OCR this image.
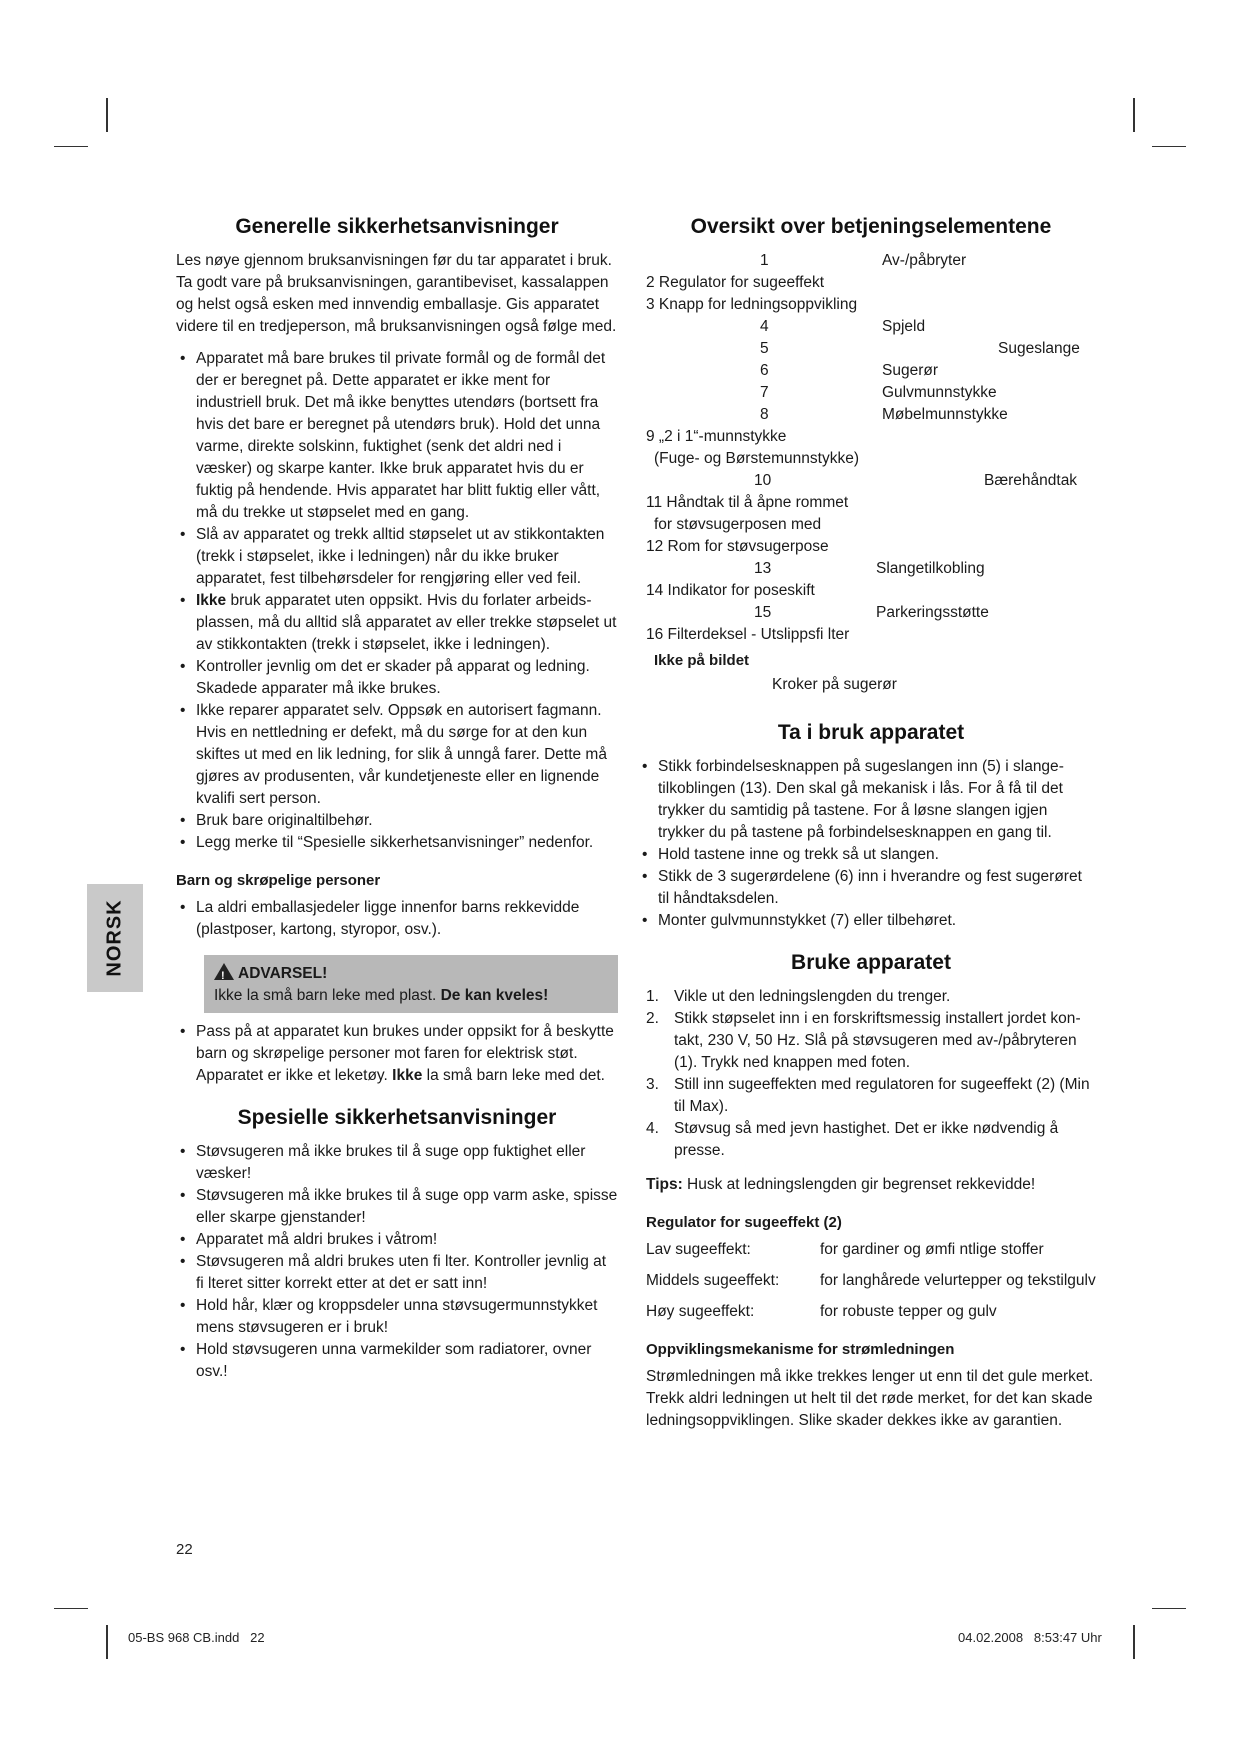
NORSK
Generelle sikkerhetsanvisninger

Les nøye gjennom bruksanvisningen før du tar apparatet i bruk. Ta godt vare på bruksanvisningen, garantibeviset, kassalappen og helst også esken med innvendig emballasje. Gis apparatet videre til en tredjeperson, må bruksanvisningen også følge med.

• Apparatet må bare brukes til private formål og de formål det der er beregnet på. Dette apparatet er ikke ment for industriell bruk. Det må ikke benyttes utendørs (bortsett fra hvis det bare er beregnet på utendørs bruk). Hold det unna varme, direkte solskinn, fuktighet (senk det aldri ned i væsker) og skarpe kanter. Ikke bruk apparatet hvis du er fuktig på hendende. Hvis apparatet har blitt fuktig eller vått, må du trekke ut støpselet med en gang.
• Slå av apparatet og trekk alltid støpselet ut av stikkontakten (trekk i støpselet, ikke i ledningen) når du ikke bruker apparatet, fest tilbehørsdeler for rengjøring eller ved feil.
• Ikke bruk apparatet uten oppsikt. Hvis du forlater arbeidsplassen, må du alltid slå apparatet av eller trekke støpselet ut av stikkontakten (trekk i støpselet, ikke i ledningen).
• Kontroller jevnlig om det er skader på apparat og ledning. Skadede apparater må ikke brukes.
• Ikke reparer apparatet selv. Oppsøk en autorisert fagmann. Hvis en nettledning er defekt, må du sørge for at den kun skiftes ut med en lik ledning, for slik å unngå farer. Dette må gjøres av produsenten, vår kundetjeneste eller en lignende kvalifi sert person.
• Bruk bare originaltilbehør.
• Legg merke til “Spesielle sikkerhetsanvisninger” nedenfor.
Barn og skrøpelige personer
• La aldri emballasjedeler ligge innenfor barns rekkevidde (plastposer, kartong, styropor, osv.).
!ADVARSEL!

Ikke la små barn leke med plast. De kan kveles!

• Pass på at apparatet kun brukes under oppsikt for å beskytte barn og skrøpelige personer mot faren for elektrisk støt. Apparatet er ikke et leketøy. Ikke la små barn leke med det.
Spesielle sikkerhetsanvisninger
• Støvsugeren må ikke brukes til å suge opp fuktighet eller væsker!
• Støvsugeren må ikke brukes til å suge opp varm aske, spisse eller skarpe gjenstander!
• Apparatet må aldri brukes i våtrom!
• Støvsugeren må aldri brukes uten fi lter. Kontroller jevnlig at fi lteret sitter korrekt etter at det er satt inn!
• Hold hår, klær og kroppsdeler unna støvsugermunnstykket mens støvsugeren er i bruk!
• Hold støvsugeren unna varmekilder som radiatorer, ovner osv.!
Oversikt over betjeningselementene
1	Av-/påbryter
2 Regulator for sugeeffekt
3 Knapp for ledningsoppvikling
4	Spjeld
5	Sugeslange
6	Sugerør
7	Gulvmunnstykke
8	Møbelmunnstykke
9 „2 i 1“-munnstykke
(Fuge- og Børstemunnstykke)
10	Bærehåndtak
11 Håndtak til å åpne rommet
for støvsugerposen med
12 Rom for støvsugerpose
13	Slangetilkobling
14 Indikator for poseskift
15	Parkeringsstøtte
16 Filterdeksel - Utslippsfi lter
Ikke på bildet
Kroker på sugerør
Ta i bruk apparatet
• Stikk forbindelsesknappen på sugeslangen inn (5) i slangetilkoblingen (13). Den skal gå mekanisk i lås. For å få til det trykker du samtidig på tastene. For å løsne slangen igjen trykker du på tastene på forbindelsesknappen en gang til.
• Hold tastene inne og trekk så ut slangen.
• Stikk de 3 sugerørdelene (6) inn i hverandre og fest sugerøret til håndtaksdelen.
• Monter gulvmunnstykket (7) eller tilbehøret.
Bruke apparatet
1. Vikle ut den ledningslengden du trenger.
2. Stikk støpselet inn i en forskriftsmessig installert jordet kontakt, 230 V, 50 Hz. Slå på støvsugeren med av-/påbryteren (1). Trykk ned knappen med foten.
3. Still inn sugeeffekten med regulatoren for sugeeffekt (2) (Min til Max).
4. Støvsug så med jevn hastighet. Det er ikke nødvendig å presse.

Tips: Husk at ledningslengden gir begrenset rekkevidde!

Regulator for sugeeffekt (2)
Lav sugeeffekt:	for gardiner og ømfi ntlige stoffer
Middels sugeeffekt:	for langhårede velurtepper og tekstilgulv
Høy sugeeffekt:	for robuste tepper og gulv
Oppviklingsmekanisme for strømledningen

Strømledningen må ikke trekkes lenger ut enn til det gule merket. Trekk aldri ledningen ut helt til det røde merket, for det kan skade ledningsoppviklingen. Slike skader dekkes ikke av garantien.

22
05-BS 968 CB.indd   22	04.02.2008   8:53:47 Uhr
